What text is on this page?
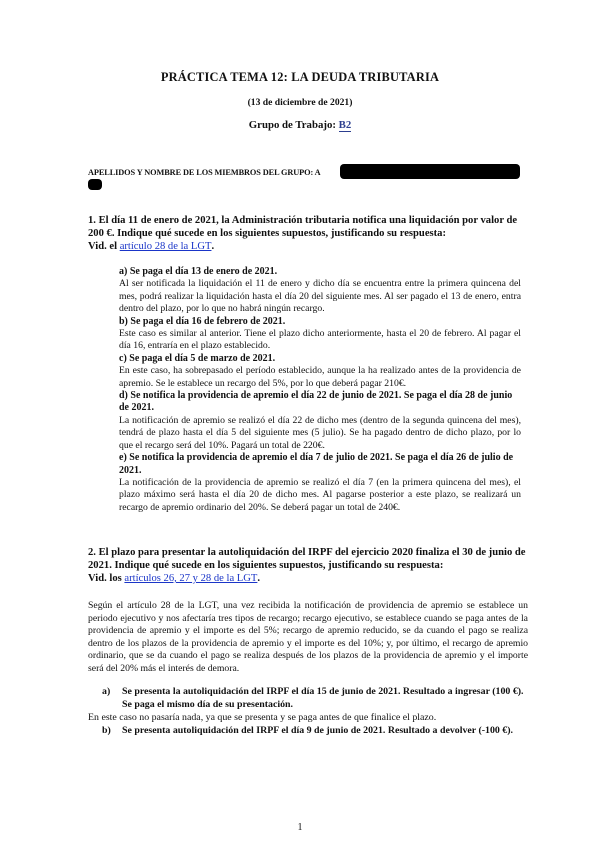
PRÁCTICA TEMA 12: LA DEUDA TRIBUTARIA
(13 de diciembre de 2021)
Grupo de Trabajo: B2
APELLIDOS Y NOMBRE DE LOS MIEMBROS DEL GRUPO: A
1. El día 11 de enero de 2021, la Administración tributaria notifica una liquidación por valor de 200 €. Indique qué sucede en los siguientes supuestos, justificando su respuesta:
Vid. el artículo 28 de la LGT.
a) Se paga el día 13 de enero de 2021.

Al ser notificada la liquidación el 11 de enero y dicho día se encuentra entre la primera quincena del mes, podrá realizar la liquidación hasta el día 20 del siguiente mes. Al ser pagado el 13 de enero, entra dentro del plazo, por lo que no habrá ningún recargo.

b) Se paga el día 16 de febrero de 2021.

Este caso es similar al anterior. Tiene el plazo dicho anteriormente, hasta el 20 de febrero. Al pagar el día 16, entraría en el plazo establecido.

c) Se paga el día 5 de marzo de 2021.

En este caso, ha sobrepasado el período establecido, aunque la ha realizado antes de la providencia de apremio. Se le establece un recargo del 5%, por lo que deberá pagar 210€.

d) Se notifica la providencia de apremio el día 22 de junio de 2021. Se paga el día 28 de junio de 2021.

La notificación de apremio se realizó el día 22 de dicho mes (dentro de la segunda quincena del mes), tendrá de plazo hasta el día 5 del siguiente mes (5 julio). Se ha pagado dentro de dicho plazo, por lo que el recargo será del 10%. Pagará un total de 220€.

e) Se notifica la providencia de apremio el día 7 de julio de 2021. Se paga el día 26 de julio de 2021.

La notificación de la providencia de apremio se realizó el día 7 (en la primera quincena del mes), el plazo máximo será hasta el día 20 de dicho mes. Al pagarse posterior a este plazo, se realizará un recargo de apremio ordinario del 20%. Se deberá pagar un total de 240€.

2. El plazo para presentar la autoliquidación del IRPF del ejercicio 2020 finaliza el 30 de junio de 2021. Indique qué sucede en los siguientes supuestos, justificando su respuesta:
Vid. los artículos 26, 27 y 28 de la LGT.
Según el artículo 28 de la LGT, una vez recibida la notificación de providencia de apremio se establece un periodo ejecutivo y nos afectaría tres tipos de recargo; recargo ejecutivo, se establece cuando se paga antes de la providencia de apremio y el importe es del 5%; recargo de apremio reducido, se da cuando el pago se realiza dentro de los plazos de la providencia de apremio y el importe es del 10%; y, por último, el recargo de apremio ordinario, que se da cuando el pago se realiza después de los plazos de la providencia de apremio y el importe será del 20% más el interés de demora.
a) Se presenta la autoliquidación del IRPF el día 15 de junio de 2021. Resultado a ingresar (100 €). Se paga el mismo día de su presentación.
En este caso no pasaría nada, ya que se presenta y se paga antes de que finalice el plazo.
b) Se presenta autoliquidación del IRPF el día 9 de junio de 2021. Resultado a devolver (-100 €).
1
